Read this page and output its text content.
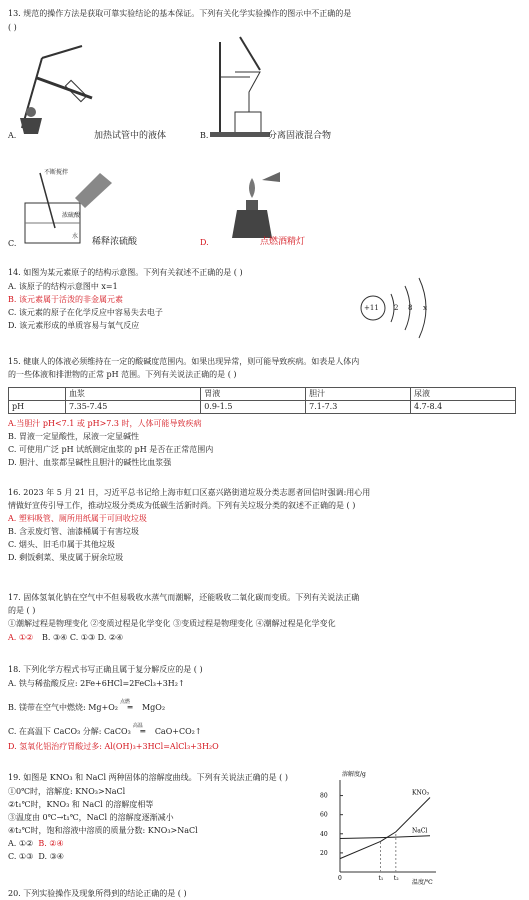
13. 规范的操作方法是获取可靠实验结论的基本保证。下列有关化学实验操作的图示中不正确的是
( )
A.	加热试管中的液体	B.	分离固液混合物
不断搅拌
浓硫酸
水
C.	稀释浓硫酸	D.	点燃酒精灯
14. 如图为某元素原子的结构示意图。下列有关叙述不正确的是 ( )
A. 该原子的结构示意图中 x=1
B. 该元素属于活泼的非金属元素
C. 该元素的原子在化学反应中容易失去电子
D. 该元素形成的单质容易与氧气反应
+11 2 8 x
15. 健康人的体液必须维持在一定的酸碱度范围内。如果出现异常，则可能导致疾病。如表是人体内
的一些体液和排泄物的正常 pH 范围。下列有关说法正确的是 ( )
	血浆	胃液	胆汁	尿液
pH	7.35-7.45	0.9-1.5	7.1-7.3	4.7-8.4
A.当胆汁 pH<7.1 或 pH>7.3 时，人体可能导致疾病
B. 胃液一定显酸性，尿液一定显碱性
C. 可使用广泛 pH 试纸测定血浆的 pH 是否在正常范围内
D. 胆汁、血浆都呈碱性且胆汁的碱性比血浆强
16. 2023 年 5 月 21 日，习近平总书记给上海市虹口区嘉兴路街道垃圾分类志愿者回信时强调:用心用
情做好宣传引导工作，推动垃圾分类成为低碳生活新时尚。下列有关垃圾分类的叙述不正确的是 ( )
A. 塑料吸管、厕所用纸属于可回收垃圾
B. 含汞废灯管、油漆桶属于有害垃圾
C. 烟头、旧毛巾属于其他垃圾
D. 剩饭剩菜、果皮属于厨余垃圾
17. 固体氢氧化钠在空气中不但易吸收水蒸气而潮解，还能吸收二氧化碳而变质。下列有关说法正确
的是 ( )
①潮解过程是物理变化 ②变质过程是化学变化 ③变质过程是物理变化 ④潮解过程是化学变化
A. ①② B. ③④ C. ①③ D. ②④
18. 下列化学方程式书写正确且属于复分解反应的是 ( )
A. 铁与稀盐酸反应: 2Fe+6HCl=2FeCl₃+3H₂↑
B. 镁带在空气中燃烧: Mg+O₂
点燃
═ MgO₂
C. 在高温下 CaCO₃ 分解: CaCO₃
高温
═ CaO+CO₂↑
D. 氢氧化铝治疗胃酸过多: Al(OH)₃+3HCl=AlCl₃+3H₂O
19. 如图是 KNO₃ 和 NaCl 两种固体的溶解度曲线。下列有关说法正确的是 ( )
①0℃时，溶解度: KNO₃>NaCl
②t₁℃时，KNO₃ 和 NaCl 的溶解度相等
③温度由 0℃→t₁℃，NaCl 的溶解度逐渐减小
④t₂℃时，饱和溶液中溶质的质量分数: KNO₃>NaCl
A. ①② B. ②④
C. ①③ D. ③④
溶解度/g
温度/℃
20
40
60
80
0	t₁ t₂
KNO₃
NaCl
20. 下列实验操作及现象所得到的结论正确的是 ( )
